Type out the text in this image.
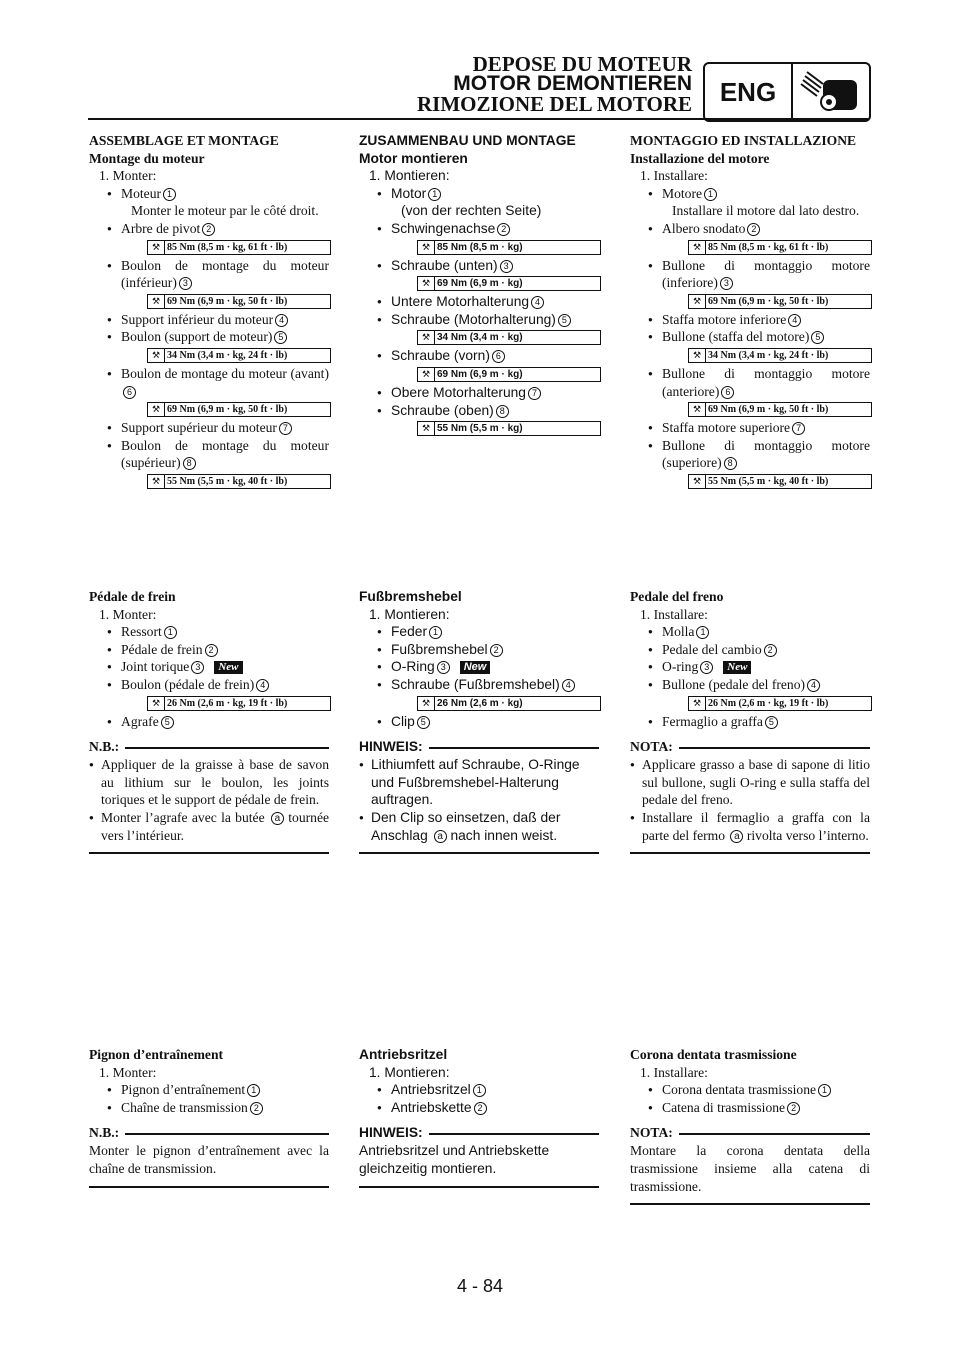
DEPOSE DU MOTEUR
MOTOR DEMONTIEREN
RIMOZIONE DEL MOTORE	ENG
ASSEMBLAGE ET MONTAGE
Montage du moteur
1. Monter:
● Moteur 1
Monter le moteur par le côté droit.
● Arbre de pivot 2
⚒ 85 Nm (8,5 m · kg, 61 ft · lb)
● Boulon de montage du moteur (inférieur) 3
⚒ 69 Nm (6,9 m · kg, 50 ft · lb)
● Support inférieur du moteur 4
● Boulon (support de moteur) 5
⚒ 34 Nm (3,4 m · kg, 24 ft · lb)
● Boulon de montage du moteur (avant)6
⚒ 69 Nm (6,9 m · kg, 50 ft · lb)
● Support supérieur du moteur 7
● Boulon de montage du moteur (supérieur) 8
⚒ 55 Nm (5,5 m · kg, 40 ft · lb)
Pédale de frein
1. Monter:
● Ressort 1
● Pédale de frein 2
● Joint torique 3 New
● Boulon (pédale de frein) 4
⚒ 26 Nm (2,6 m · kg, 19 ft · lb)
● Agrafe 5
N.B.:
● Appliquer de la graisse à base de savon au lithium sur le boulon, les joints toriques et le support de pédale de frein.
● Monter l’agrafe avec la butée a tournée vers l’intérieur.
Pignon d’entraînement
1. Monter:
● Pignon d’entraînement 1
● Chaîne de transmission 2
N.B.:
Monter le pignon d’entraînement avec la chaîne de transmission.
ZUSAMMENBAU UND MONTAGE
Motor montieren
1. Montieren:
● Motor 1
(von der rechten Seite)
● Schwingenachse 2
⚒ 85 Nm (8,5 m · kg)
● Schraube (unten) 3
⚒ 69 Nm (6,9 m · kg)
● Untere Motorhalterung 4
● Schraube (Motorhalterung) 5
⚒ 34 Nm (3,4 m · kg)
● Schraube (vorn) 6
⚒ 69 Nm (6,9 m · kg)
● Obere Motorhalterung 7
● Schraube (oben) 8
⚒ 55 Nm (5,5 m · kg)
Fußbremshebel
1. Montieren:
● Feder 1
● Fußbremshebel 2
● O-Ring 3 New
● Schraube (Fußbremshebel) 4
⚒ 26 Nm (2,6 m · kg)
● Clip 5
HINWEIS:
● Lithiumfett auf Schraube, O-Ringe und Fußbremshebel-Halterung auftragen.
● Den Clip so einsetzen, daß der Anschlag a nach innen weist.
Antriebsritzel
1. Montieren:
● Antriebsritzel 1
● Antriebskette 2
HINWEIS:
Antriebsritzel und Antriebskette gleichzeitig montieren.
MONTAGGIO ED INSTALLAZIONE
Installazione del motore
1. Installare:
● Motore 1
Installare il motore dal lato destro.
● Albero snodato 2
⚒ 85 Nm (8,5 m · kg, 61 ft · lb)
● Bullone di montaggio motore (inferiore) 3
⚒ 69 Nm (6,9 m · kg, 50 ft · lb)
● Staffa motore inferiore 4
● Bullone (staffa del motore) 5
⚒ 34 Nm (3,4 m · kg, 24 ft · lb)
● Bullone di montaggio motore (anteriore) 6
⚒ 69 Nm (6,9 m · kg, 50 ft · lb)
● Staffa motore superiore 7
● Bullone di montaggio motore (superiore) 8
⚒ 55 Nm (5,5 m · kg, 40 ft · lb)
Pedale del freno
1. Installare:
● Molla 1
● Pedale del cambio 2
● O-ring 3 New
● Bullone (pedale del freno) 4
⚒ 26 Nm (2,6 m · kg, 19 ft · lb)
● Fermaglio a graffa 5
NOTA:
● Applicare grasso a base di sapone di litio sul bullone, sugli O-ring e sulla staffa del pedale del freno.
● Installare il fermaglio a graffa con la parte del fermo a rivolta verso l’interno.
Corona dentata trasmissione
1. Installare:
● Corona dentata trasmissione 1
● Catena di trasmissione 2
NOTA:
Montare la corona dentata della trasmissione insieme alla catena di trasmissione.
4 - 84
